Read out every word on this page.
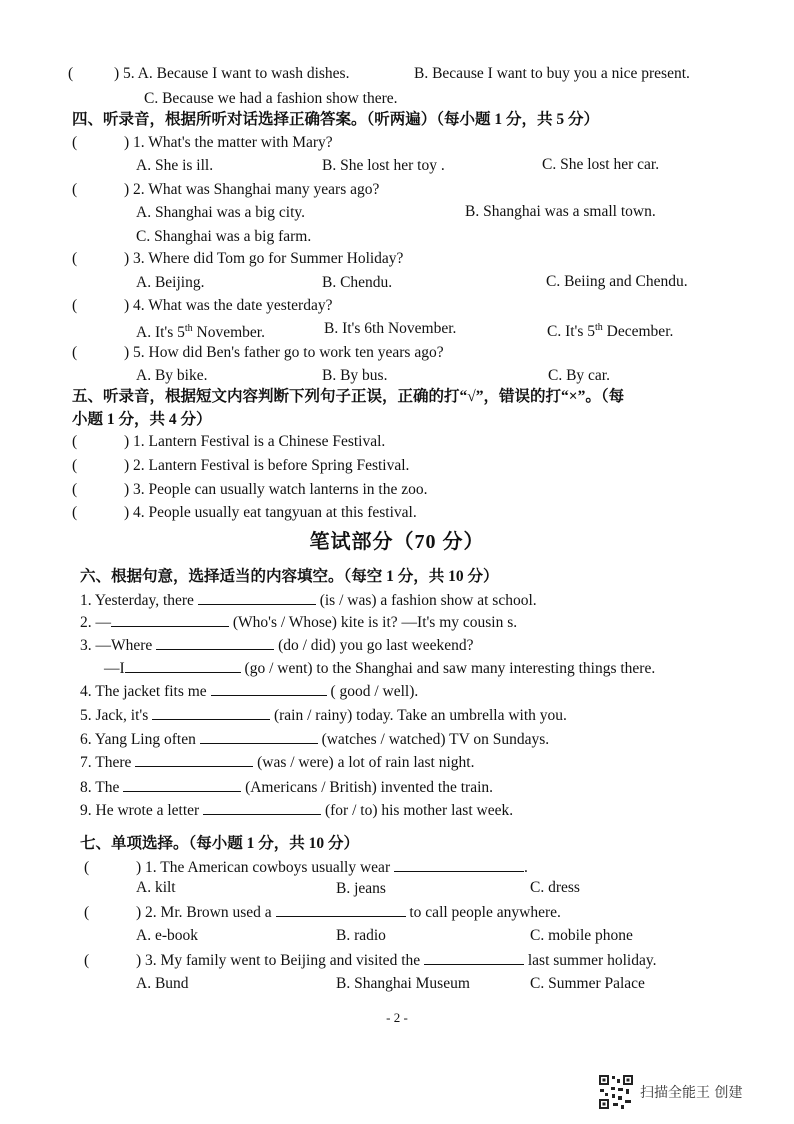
(	) 5. A. Because I want to wash dishes.	B. Because I want to buy you a nice present.
C. Because we had a fashion show there.
四、听录音，根据所听对话选择正确答案。（听两遍）（每小题 1 分，共 5 分）
(	) 1. What's the matter with Mary?
A. She is ill.	B. She lost her toy .	C. She lost her car.
(	) 2. What was Shanghai many years ago?
A. Shanghai was a big city.	B. Shanghai was a small town.
C. Shanghai was a big farm.
(	) 3. Where did Tom go for Summer Holiday?
A. Beijing.	B. Chendu.	C. Beiing and Chendu.
(	) 4. What was the date yesterday?
A. It's 5th November.	B. It's 6th November.	C. It's 5th December.
(	) 5. How did Ben's father go to work ten years ago?
A. By bike.	B. By bus.	C. By car.
五、听录音，根据短文内容判断下列句子正误，正确的打“√”，错误的打“×”。（每
小题 1 分，共 4 分）
(	) 1. Lantern Festival is a Chinese Festival.
(	) 2. Lantern Festival is before Spring Festival.
(	) 3. People can usually watch lanterns in the zoo.
(	) 4. People usually eat tangyuan at this festival.
笔试部分（70 分）
六、根据句意，选择适当的内容填空。（每空 1 分，共 10 分）
1. Yesterday, there	(is / was) a fashion show at school.
2. —	(Who's / Whose) kite is it? —It's my cousin s.
3. —Where	(do / did) you go last weekend?
—I	(go / went) to the Shanghai and saw many interesting things there.
4. The jacket fits me	( good / well).
5. Jack, it's	(rain / rainy) today. Take an umbrella with you.
6. Yang Ling often	(watches / watched) TV on Sundays.
7. There	(was / were) a lot of rain last night.
8. The	(Americans / British) invented the train.
9. He wrote a letter	(for / to) his mother last week.
七、单项选择。（每小题 1 分，共 10 分）
(	) 1. The American cowboys usually wear	.
A. kilt	B. jeans	C. dress
(	) 2. Mr. Brown used a	to call people anywhere.
A. e-book	B. radio	C. mobile phone
(	) 3. My family went to Beijing and visited the	last summer holiday.
A. Bund	B. Shanghai Museum	C. Summer Palace
- 2 -
扫描全能王 创建
